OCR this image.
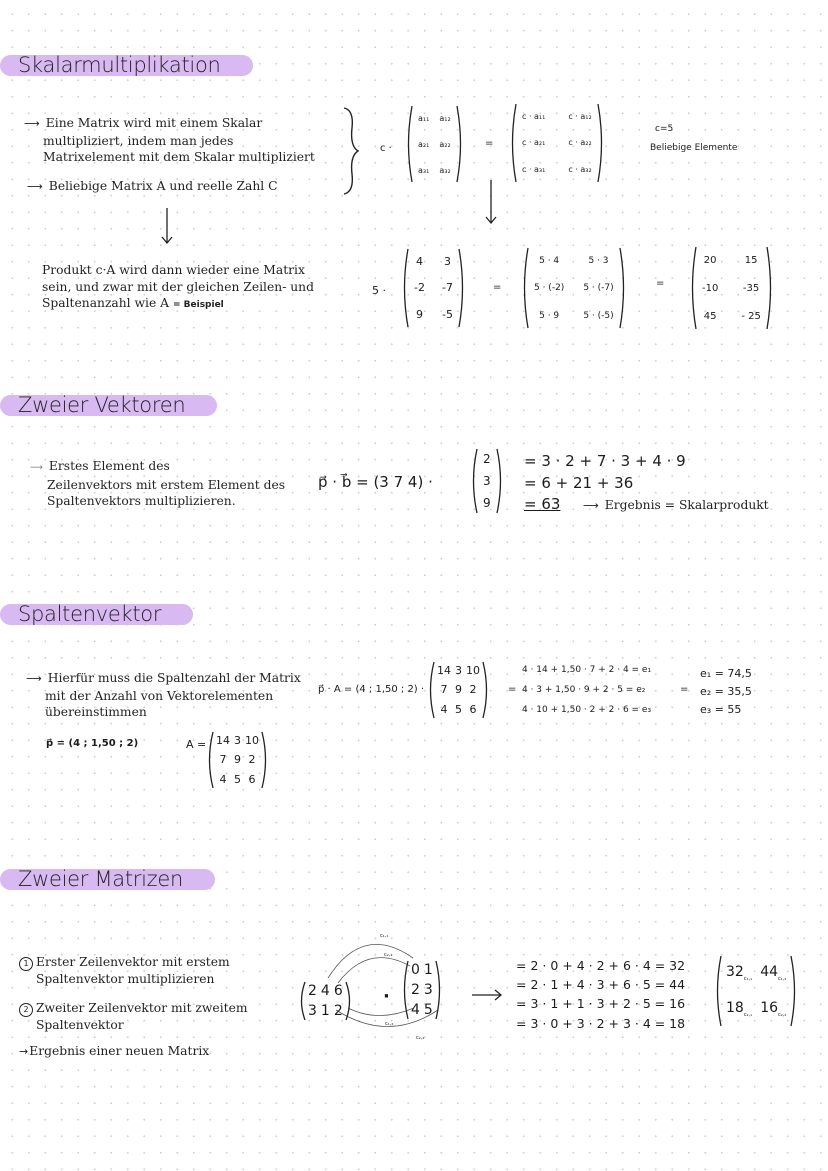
Skalarmultiplikation
⟶ Eine Matrix wird mit einem Skalar
multipliziert, indem man jedes
Matrixelement mit dem Skalar multipliziert
⟶ Beliebige Matrix A und reelle Zahl C
Produkt c·A wird dann wieder eine Matrix
sein, und zwar mit der gleichen Zeilen- und
Spaltenanzahl wie A = Beispiel
c ·
a₁₁	a₁₂
a₂₁	a₂₂
a₃₁	a₃₂
=
c · a₁₁	c · a₁₂
c · a₂₁	c · a₂₂
c · a₃₁	c · a₃₂
c=5
Beliebige Elemente
5 ·
4	3
-2	-7
9	-5
=
5 · 4	5 · 3
5 · (-2)	5 · (-7)
5 · 9	5 · (-5)
=
20	15
-10	-35
45	- 25
Zweier Vektoren
⟶ Erstes Element des
Zeilenvektors mit erstem Element des
Spaltenvektors multiplizieren.
p⃗ · b⃗ = (3 7 4) ·
2
3
9
= 3 · 2 + 7 · 3 + 4 · 9
= 6 + 21 + 36
= 63 ⟶ Ergebnis = Skalarprodukt
Spaltenvektor
⟶ Hierfür muss die Spaltenzahl der Matrix
mit der Anzahl von Vektorelementen
übereinstimmen
p⃗ = (4 ; 1,50 ; 2)	A = 14	3	10
7	9	2
4	5	6
p⃗ · A = (4 ; 1,50 ; 2) ·
14	3	10
7	9	2
4	5	6
=
4 · 14 + 1,50 · 7 + 2 · 4 = e₁
4 · 3 + 1,50 · 9 + 2 · 5 = e₂
4 · 10 + 1,50 · 2 + 2 · 6 = e₃
=
e₁ = 74,5
e₂ = 35,5
e₃ = 55
Zweier Matrizen
1 Erster Zeilenvektor mit erstem
Spaltenvektor multiplizieren
2 Zweiter Zeilenvektor mit zweitem
Spaltenvektor
→Ergebnis einer neuen Matrix
c₁,₁
c₂,₁
c₁,₂
c₂,₂
2	4	6
3	1	2
·
0	1
2	3
4	5
= 2 · 0 + 4 · 2 + 6 · 4 = 32
= 2 · 1 + 4 · 3 + 6 · 5 = 44
= 3 · 1 + 1 · 3 + 2 · 5 = 16
= 3 · 0 + 3 · 2 + 3 · 4 = 18
$32_{c_1,_1}$	$44_{c_1,_2}$
$18_{c_2,_1}$	$16_{c_2,_2}$
